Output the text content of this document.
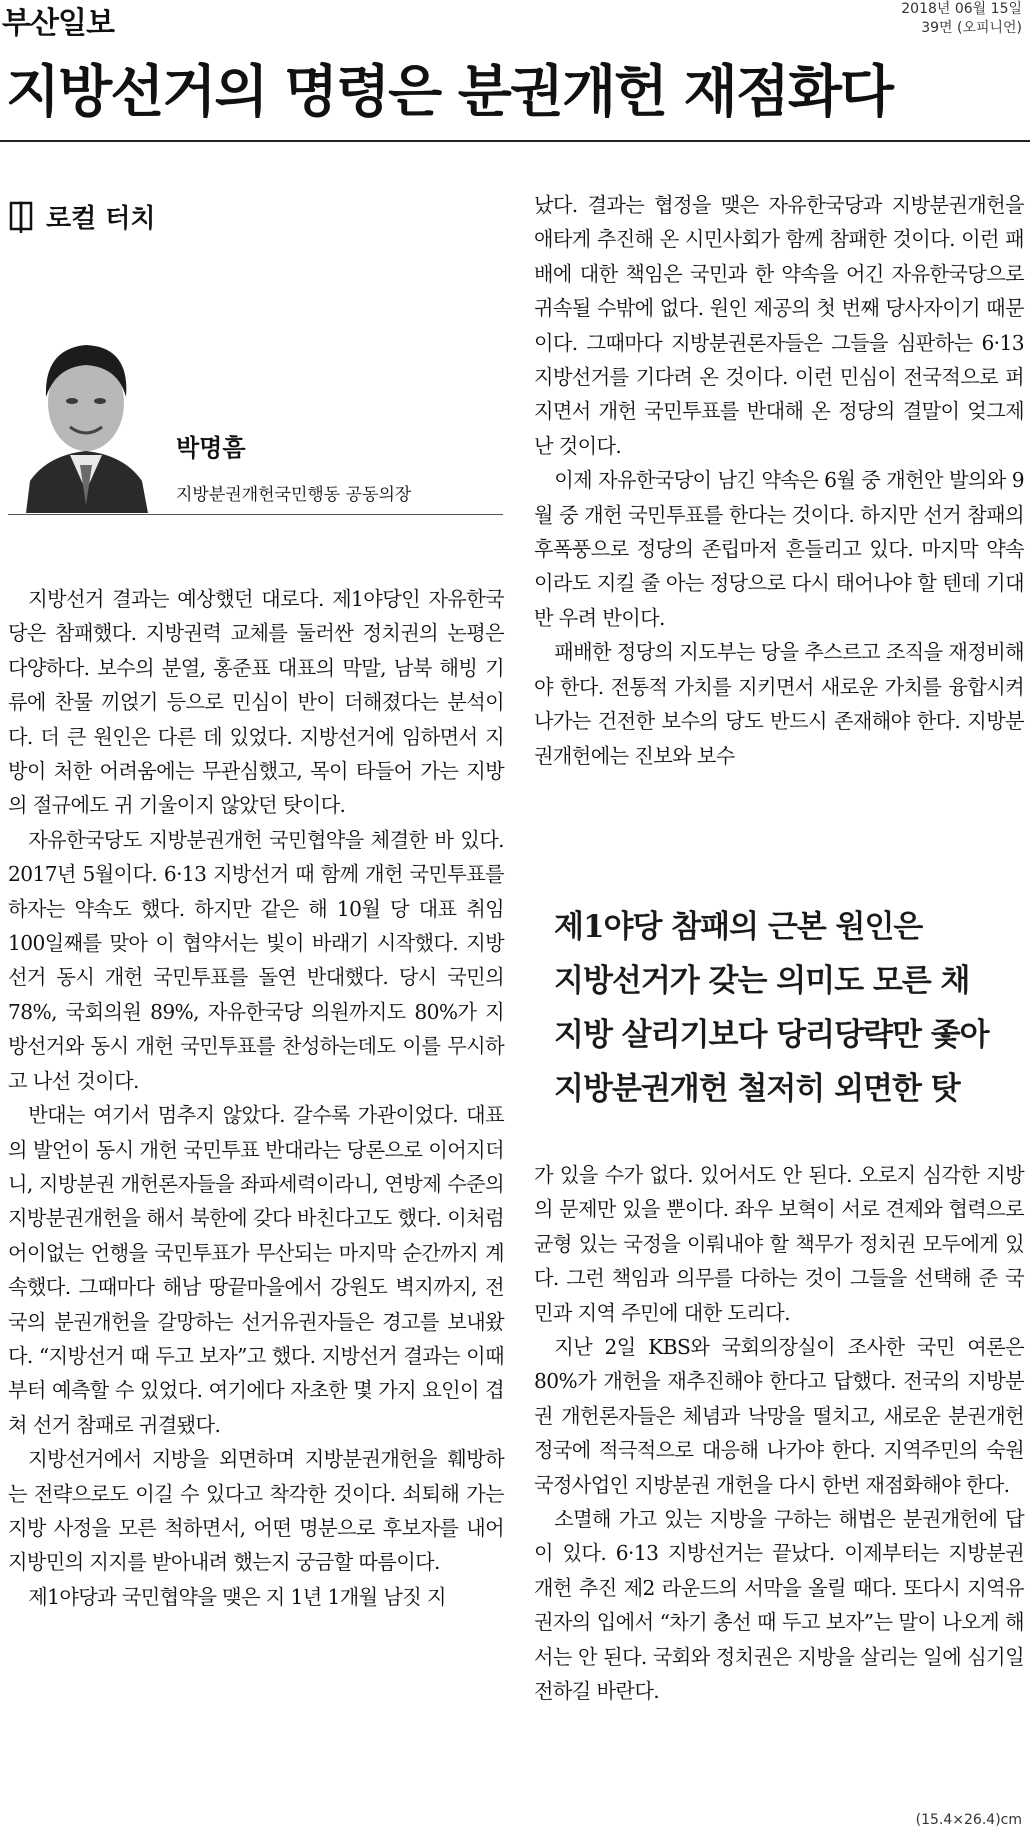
부산일보	2018년 06월 15일
39면 (오피니언)
지방선거의 명령은 분권개헌 재점화다
로컬 터치
박명흠
지방분권개헌국민행동 공동의장

지방선거 결과는 예상했던 대로다. 제1야당인 자유한국당은 참패했다. 지방권력 교체를 둘러싼 정치권의 논평은 다양하다. 보수의 분열, 홍준표 대표의 막말, 남북 해빙 기류에 찬물 끼얹기 등으로 민심이 반이 더해졌다는 분석이다. 더 큰 원인은 다른 데 있었다. 지방선거에 임하면서 지방이 처한 어려움에는 무관심했고, 목이 타들어 가는 지방의 절규에도 귀 기울이지 않았던 탓이다.

자유한국당도 지방분권개헌 국민협약을 체결한 바 있다. 2017년 5월이다. 6·13 지방선거 때 함께 개헌 국민투표를 하자는 약속도 했다. 하지만 같은 해 10월 당 대표 취임 100일째를 맞아 이 협약서는 빛이 바래기 시작했다. 지방선거 동시 개헌 국민투표를 돌연 반대했다. 당시 국민의 78%, 국회의원 89%, 자유한국당 의원까지도 80%가 지방선거와 동시 개헌 국민투표를 찬성하는데도 이를 무시하고 나선 것이다.

반대는 여기서 멈추지 않았다. 갈수록 가관이었다. 대표의 발언이 동시 개헌 국민투표 반대라는 당론으로 이어지더니, 지방분권 개헌론자들을 좌파세력이라니, 연방제 수준의 지방분권개헌을 해서 북한에 갖다 바친다고도 했다. 이처럼 어이없는 언행을 국민투표가 무산되는 마지막 순간까지 계속했다. 그때마다 해남 땅끝마을에서 강원도 벽지까지, 전국의 분권개헌을 갈망하는 선거유권자들은 경고를 보내왔다. “지방선거 때 두고 보자”고 했다. 지방선거 결과는 이때부터 예측할 수 있었다. 여기에다 자초한 몇 가지 요인이 겹쳐 선거 참패로 귀결됐다.

지방선거에서 지방을 외면하며 지방분권개헌을 훼방하는 전략으로도 이길 수 있다고 착각한 것이다. 쇠퇴해 가는 지방 사정을 모른 척하면서, 어떤 명분으로 후보자를 내어 지방민의 지지를 받아내려 했는지 궁금할 따름이다.

제1야당과 국민협약을 맺은 지 1년 1개월 남짓 지

났다. 결과는 협정을 맺은 자유한국당과 지방분권개헌을 애타게 추진해 온 시민사회가 함께 참패한 것이다. 이런 패배에 대한 책임은 국민과 한 약속을 어긴 자유한국당으로 귀속될 수밖에 없다. 원인 제공의 첫 번째 당사자이기 때문이다. 그때마다 지방분권론자들은 그들을 심판하는 6·13 지방선거를 기다려 온 것이다. 이런 민심이 전국적으로 퍼지면서 개헌 국민투표를 반대해 온 정당의 결말이 엊그제 난 것이다.

이제 자유한국당이 남긴 약속은 6월 중 개헌안 발의와 9월 중 개헌 국민투표를 한다는 것이다. 하지만 선거 참패의 후폭풍으로 정당의 존립마저 흔들리고 있다. 마지막 약속이라도 지킬 줄 아는 정당으로 다시 태어나야 할 텐데 기대 반 우려 반이다.

패배한 정당의 지도부는 당을 추스르고 조직을 재정비해야 한다. 전통적 가치를 지키면서 새로운 가치를 융합시켜 나가는 건전한 보수의 당도 반드시 존재해야 한다. 지방분권개헌에는 진보와 보수

제1야당 참패의 근본 원인은
지방선거가 갖는 의미도 모른 채
지방 살리기보다 당리당략만 좇아
지방분권개헌 철저히 외면한 탓

가 있을 수가 없다. 있어서도 안 된다. 오로지 심각한 지방의 문제만 있을 뿐이다. 좌우 보혁이 서로 견제와 협력으로 균형 있는 국정을 이뤄내야 할 책무가 정치권 모두에게 있다. 그런 책임과 의무를 다하는 것이 그들을 선택해 준 국민과 지역 주민에 대한 도리다.

지난 2일 KBS와 국회의장실이 조사한 국민 여론은 80%가 개헌을 재추진해야 한다고 답했다. 전국의 지방분권 개헌론자들은 체념과 낙망을 떨치고, 새로운 분권개헌 정국에 적극적으로 대응해 나가야 한다. 지역주민의 숙원 국정사업인 지방분권 개헌을 다시 한번 재점화해야 한다.

소멸해 가고 있는 지방을 구하는 해법은 분권개헌에 답이 있다. 6·13 지방선거는 끝났다. 이제부터는 지방분권 개헌 추진 제2 라운드의 서막을 올릴 때다. 또다시 지역유권자의 입에서 “차기 총선 때 두고 보자”는 말이 나오게 해서는 안 된다. 국회와 정치권은 지방을 살리는 일에 심기일전하길 바란다.

(15.4×26.4)cm
